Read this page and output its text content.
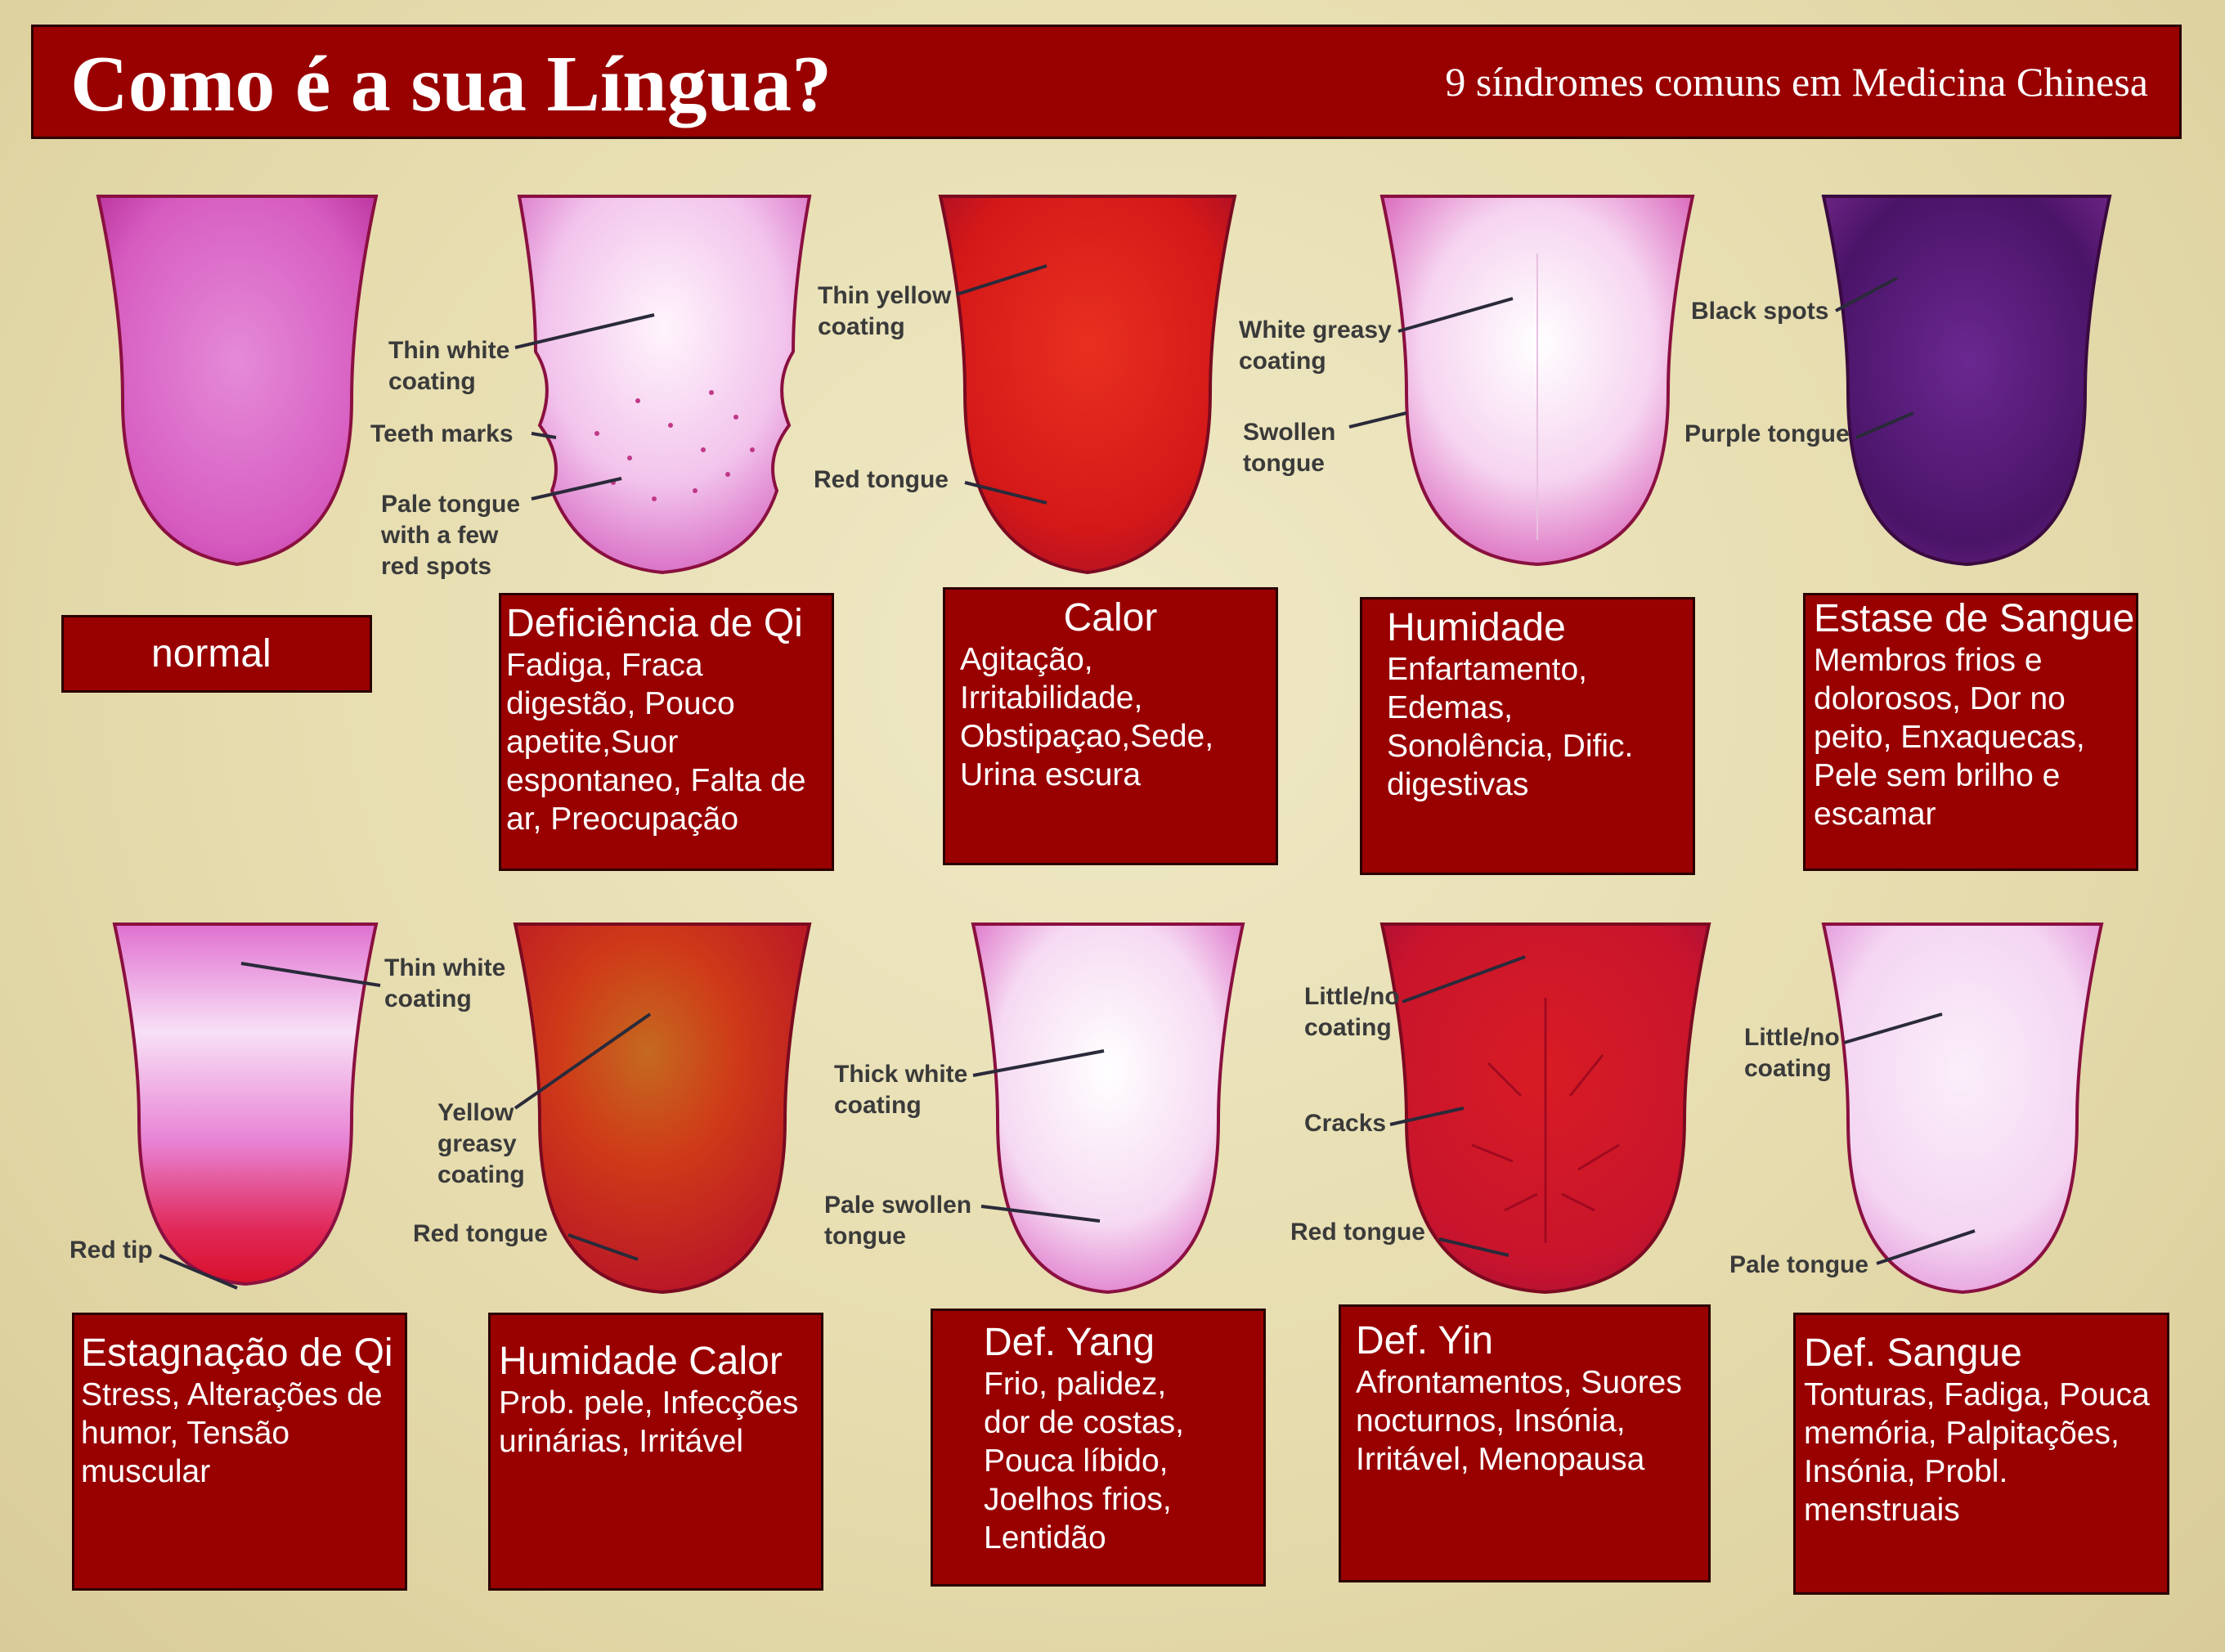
Como é a sua Língua?	9 síndromes comuns em Medicina Chinesa
Thin white
coating
Teeth marks
Pale tongue
with a few
red spots
Thin yellow
coating
Red tongue
White greasy
coating
Swollen
tongue
Black spots
Purple tongue
Thin white
coating
Red tip
Yellow
greasy
coating
Red tongue
Thick white
coating
Pale swollen
tongue
Little/no
coating
Cracks
Red tongue
Little/no
coating
Pale tongue
normal
Deficiência de Qi
Fadiga, Fraca digestão, Pouco apetite,Suor espontaneo, Falta de ar, Preocupação
Calor
Agitação, Irritabilidade, Obstipaçao,Sede, Urina escura
Humidade
Enfartamento, Edemas, Sonolência, Dific. digestivas
Estase de Sangue
Membros frios e dolorosos, Dor no peito, Enxaquecas, Pele sem brilho e escamar
Estagnação de Qi
Stress, Alterações de humor, Tensão muscular
Humidade Calor
Prob. pele, Infecções urinárias, Irritável
Def. Yang
Frio, palidez, dor de costas, Pouca líbido, Joelhos frios, Lentidão
Def. Yin
Afrontamentos, Suores nocturnos, Insónia, Irritável, Menopausa
Def. Sangue
Tonturas, Fadiga, Pouca memória, Palpitações, Insónia, Probl. menstruais
